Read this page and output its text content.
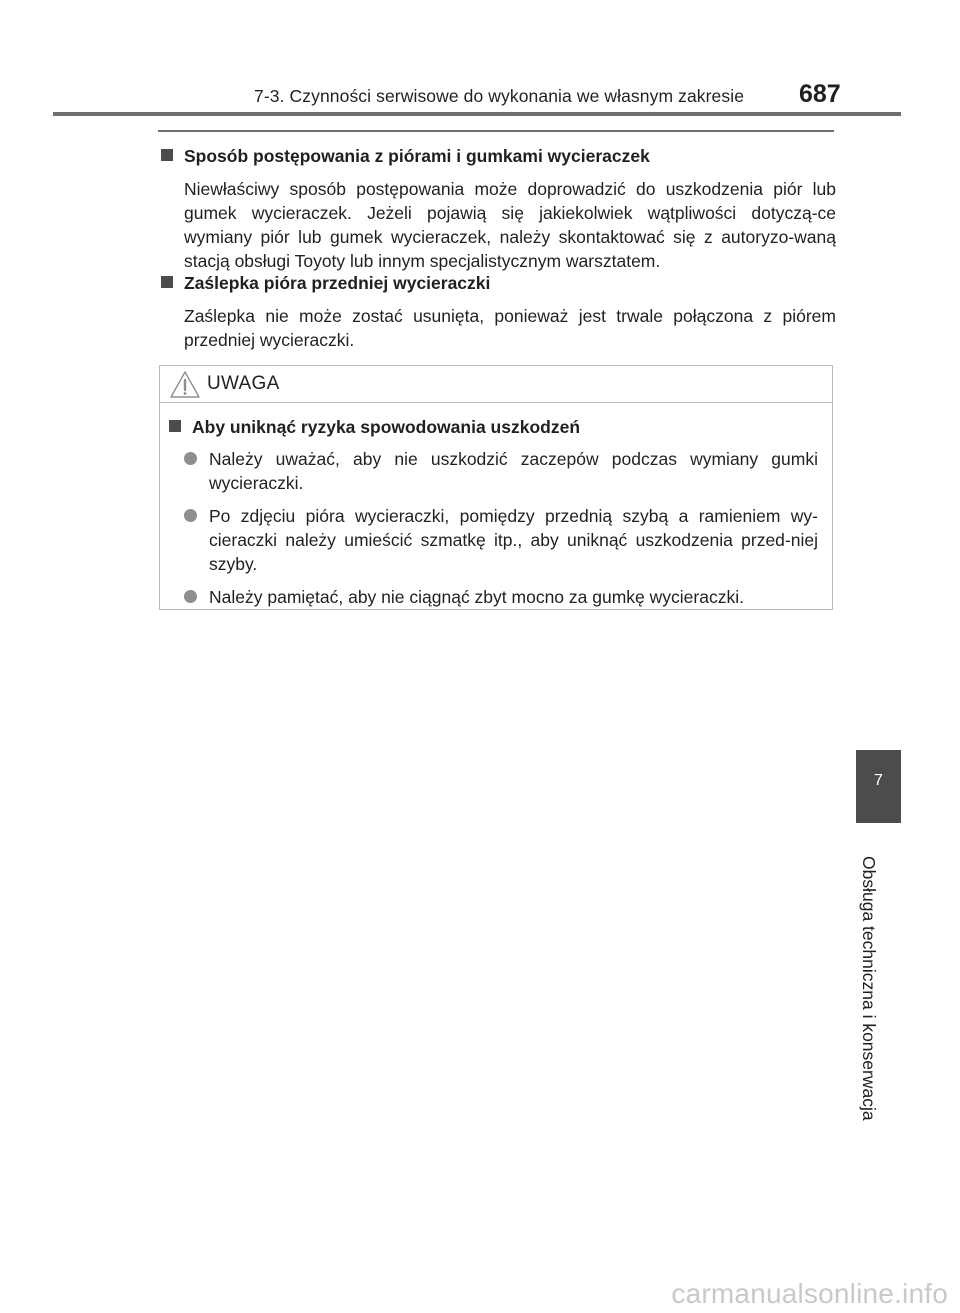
7-3. Czynności serwisowe do wykonania we własnym zakresie 687
Sposób postępowania z piórami i gumkami wycieraczek
Niewłaściwy sposób postępowania może doprowadzić do uszkodzenia piór lub gumek wycieraczek. Jeżeli pojawią się jakiekolwiek wątpliwości dotyczą-ce wymiany piór lub gumek wycieraczek, należy skontaktować się z autoryzo-waną stacją obsługi Toyoty lub innym specjalistycznym warsztatem.
Zaślepka pióra przedniej wycieraczki
Zaślepka nie może zostać usunięta, ponieważ jest trwale połączona z piórem przedniej wycieraczki.
UWAGA
Aby uniknąć ryzyka spowodowania uszkodzeń
Należy uważać, aby nie uszkodzić zaczepów podczas wymiany gumki wycieraczki.
Po zdjęciu pióra wycieraczki, pomiędzy przednią szybą a ramieniem wy-cieraczki należy umieścić szmatkę itp., aby uniknąć uszkodzenia przed-niej szyby.
Należy pamiętać, aby nie ciągnąć zbyt mocno za gumkę wycieraczki.
7
Obsługa techniczna i konserwacja
carmanualsonline.info
